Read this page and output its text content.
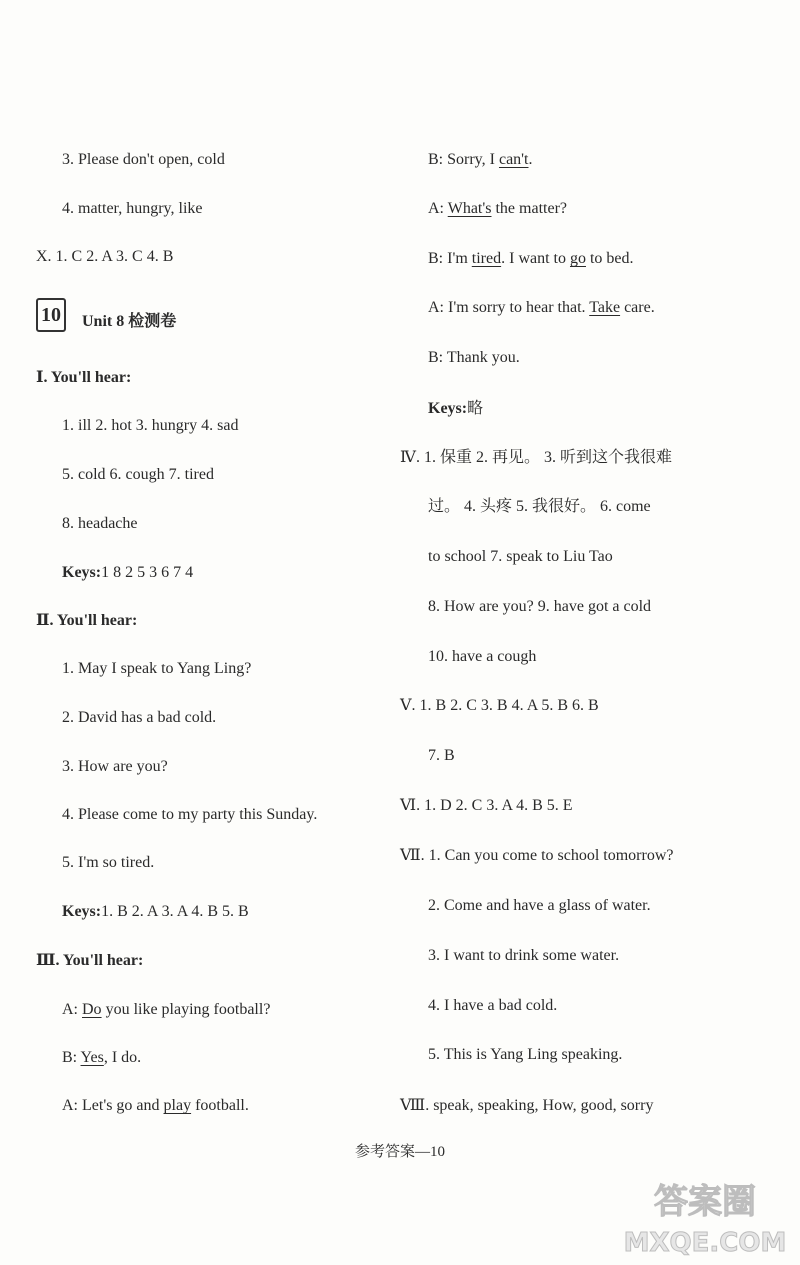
3. Please don't open, cold
4. matter, hungry, like
X. 1. C 2. A 3. C 4. B
10	Unit 8 检测卷
Ⅰ. You'll hear:
1. ill 2. hot 3. hungry 4. sad
5. cold 6. cough 7. tired
8. headache
Keys:1 8 2 5 3 6 7 4
Ⅱ. You'll hear:
1. May I speak to Yang Ling?
2. David has a bad cold.
3. How are you?
4. Please come to my party this Sunday.
5. I'm so tired.
Keys:1. B 2. A 3. A 4. B 5. B
Ⅲ. You'll hear:
A: Do you like playing football?
B: Yes, I do.
A: Let's go and play football.
B: Sorry, I can't.
A: What's the matter?
B: I'm tired. I want to go to bed.
A: I'm sorry to hear that. Take care.
B: Thank you.
Keys:略
Ⅳ. 1. 保重 2. 再见。 3. 听到这个我很难
过。 4. 头疼 5. 我很好。 6. come
to school 7. speak to Liu Tao
8. How are you? 9. have got a cold
10. have a cough
Ⅴ. 1. B 2. C 3. B 4. A 5. B 6. B
7. B
Ⅵ. 1. D 2. C 3. A 4. B 5. E
Ⅶ. 1. Can you come to school tomorrow?
2. Come and have a glass of water.
3. I want to drink some water.
4. I have a bad cold.
5. This is Yang Ling speaking.
Ⅷ. speak, speaking, How, good, sorry
参考答案—10
答案圈
MXQE.COM
